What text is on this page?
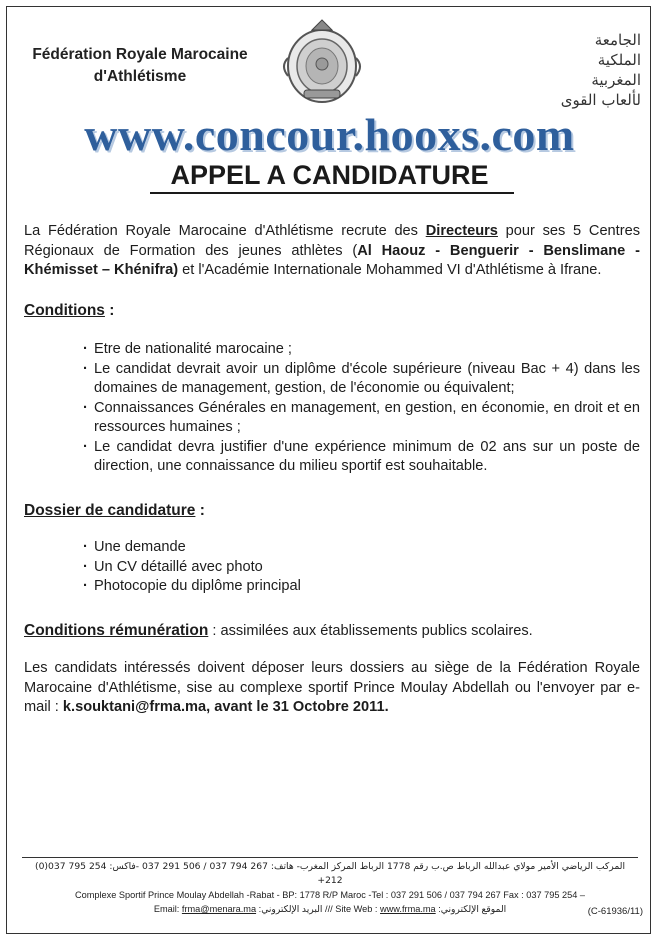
Fédération Royale Marocaine
d'Athlétisme
الجامعة
الملكية
المغربية
لألعاب القوى
www.concour.hooxs.com
APPEL A CANDIDATURE

La Fédération Royale Marocaine d'Athlétisme recrute des Directeurs pour ses 5 Centres Régionaux de Formation des jeunes athlètes (Al Haouz - Benguerir - Benslimane - Khémisset – Khénifra) et l'Académie Internationale Mohammed VI d'Athlétisme à Ifrane.

Conditions :
· Etre de nationalité marocaine ;
· Le candidat devrait avoir un diplôme d'école supérieure (niveau Bac + 4) dans les domaines de management, gestion, de l'économie ou équivalent;
· Connaissances Générales en management, en gestion, en économie, en droit et en ressources humaines ;
· Le candidat devra justifier d'une expérience minimum de 02 ans sur un poste de direction, une connaissance du milieu sportif est souhaitable.
Dossier de candidature :
· Une demande
· Un CV détaillé avec photo
· Photocopie du diplôme principal
Conditions rémunération : assimilées aux établissements publics scolaires.

Les candidats intéressés doivent déposer leurs dossiers au siège de la Fédération Royale Marocaine d'Athlétisme, sise au complexe sportif Prince Moulay Abdellah ou l'envoyer par e-mail : k.souktani@frma.ma, avant le 31 Octobre 2011.

المركب الرياضي الأمير مولاي عبدالله الرباط ص.ب رقم 1778 الرباط المركز المغرب- هاتف: 267 794 037 / 506 291 037 -فاكس: 254 795 037(0) 212+
Complexe Sportif Prince Moulay Abdellah -Rabat - BP: 1778 R/P Maroc -Tel : 037 291 506 / 037 794 267 Fax : 037 795 254 –
Email: frma@menara.ma :البريد الإلكتروني /// Site Web : www.frma.ma :الموقع الإلكتروني	(C-61936/11)
